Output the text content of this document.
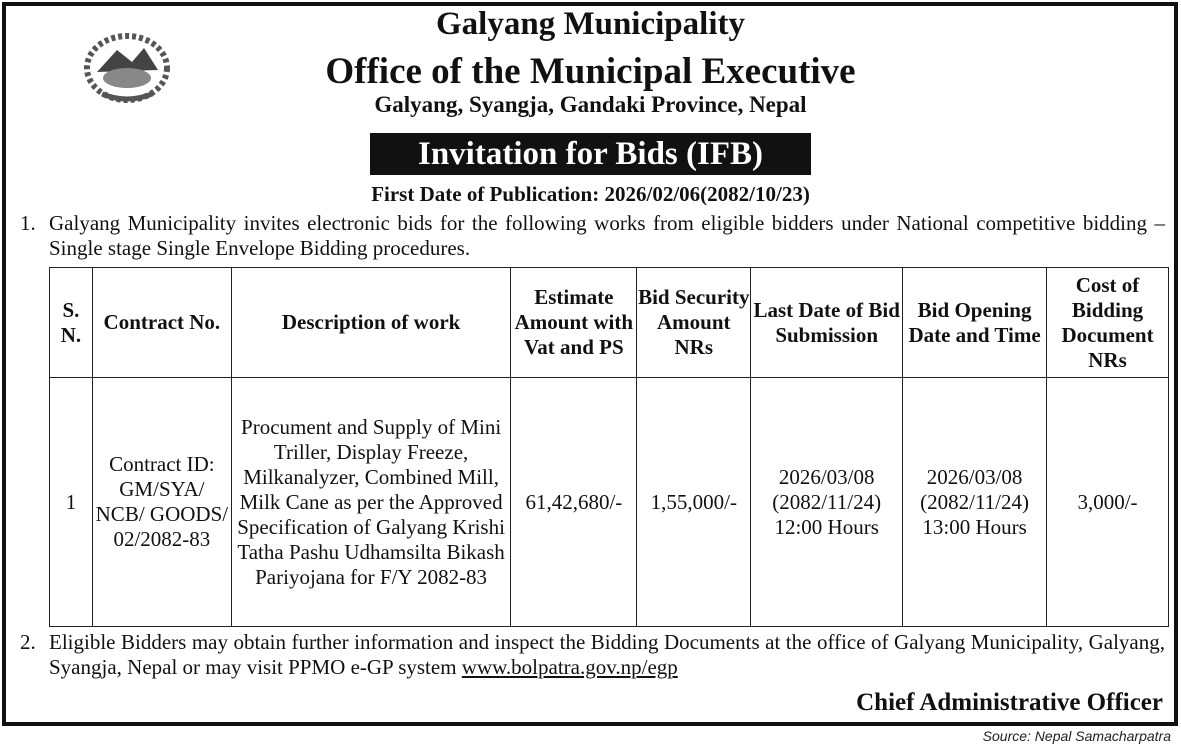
Galyang Municipality
Office of the Municipal Executive
Galyang, Syangja, Gandaki Province, Nepal
Invitation for Bids (IFB)
First Date of Publication: 2026/02/06(2082/10/23)
1. Galyang Municipality invites electronic bids for the following works from eligible bidders under National competitive bidding – Single stage Single Envelope Bidding procedures.
S. N.	Contract No.	Description of work	Estimate Amount with Vat and PS	Bid Security Amount NRs	Last Date of Bid Submission	Bid Opening Date and Time	Cost of Bidding Document NRs
1	Contract ID: GM/SYA/ NCB/ GOODS/ 02/2082-83	Procument and Supply of Mini Triller, Display Freeze, Milkanalyzer, Combined Mill, Milk Cane as per the Approved Specification of Galyang Krishi Tatha Pashu Udhamsilta Bikash Pariyojana for F/Y 2082-83	61,42,680/-	1,55,000/-	2026/03/08 (2082/11/24) 12:00 Hours	2026/03/08 (2082/11/24) 13:00 Hours	3,000/-
2. Eligible Bidders may obtain further information and inspect the Bidding Documents at the office of Galyang Municipality, Galyang, Syangja, Nepal or may visit PPMO e-GP system www.bolpatra.gov.np/egp
Chief Administrative Officer
Source: Nepal Samacharpatra
